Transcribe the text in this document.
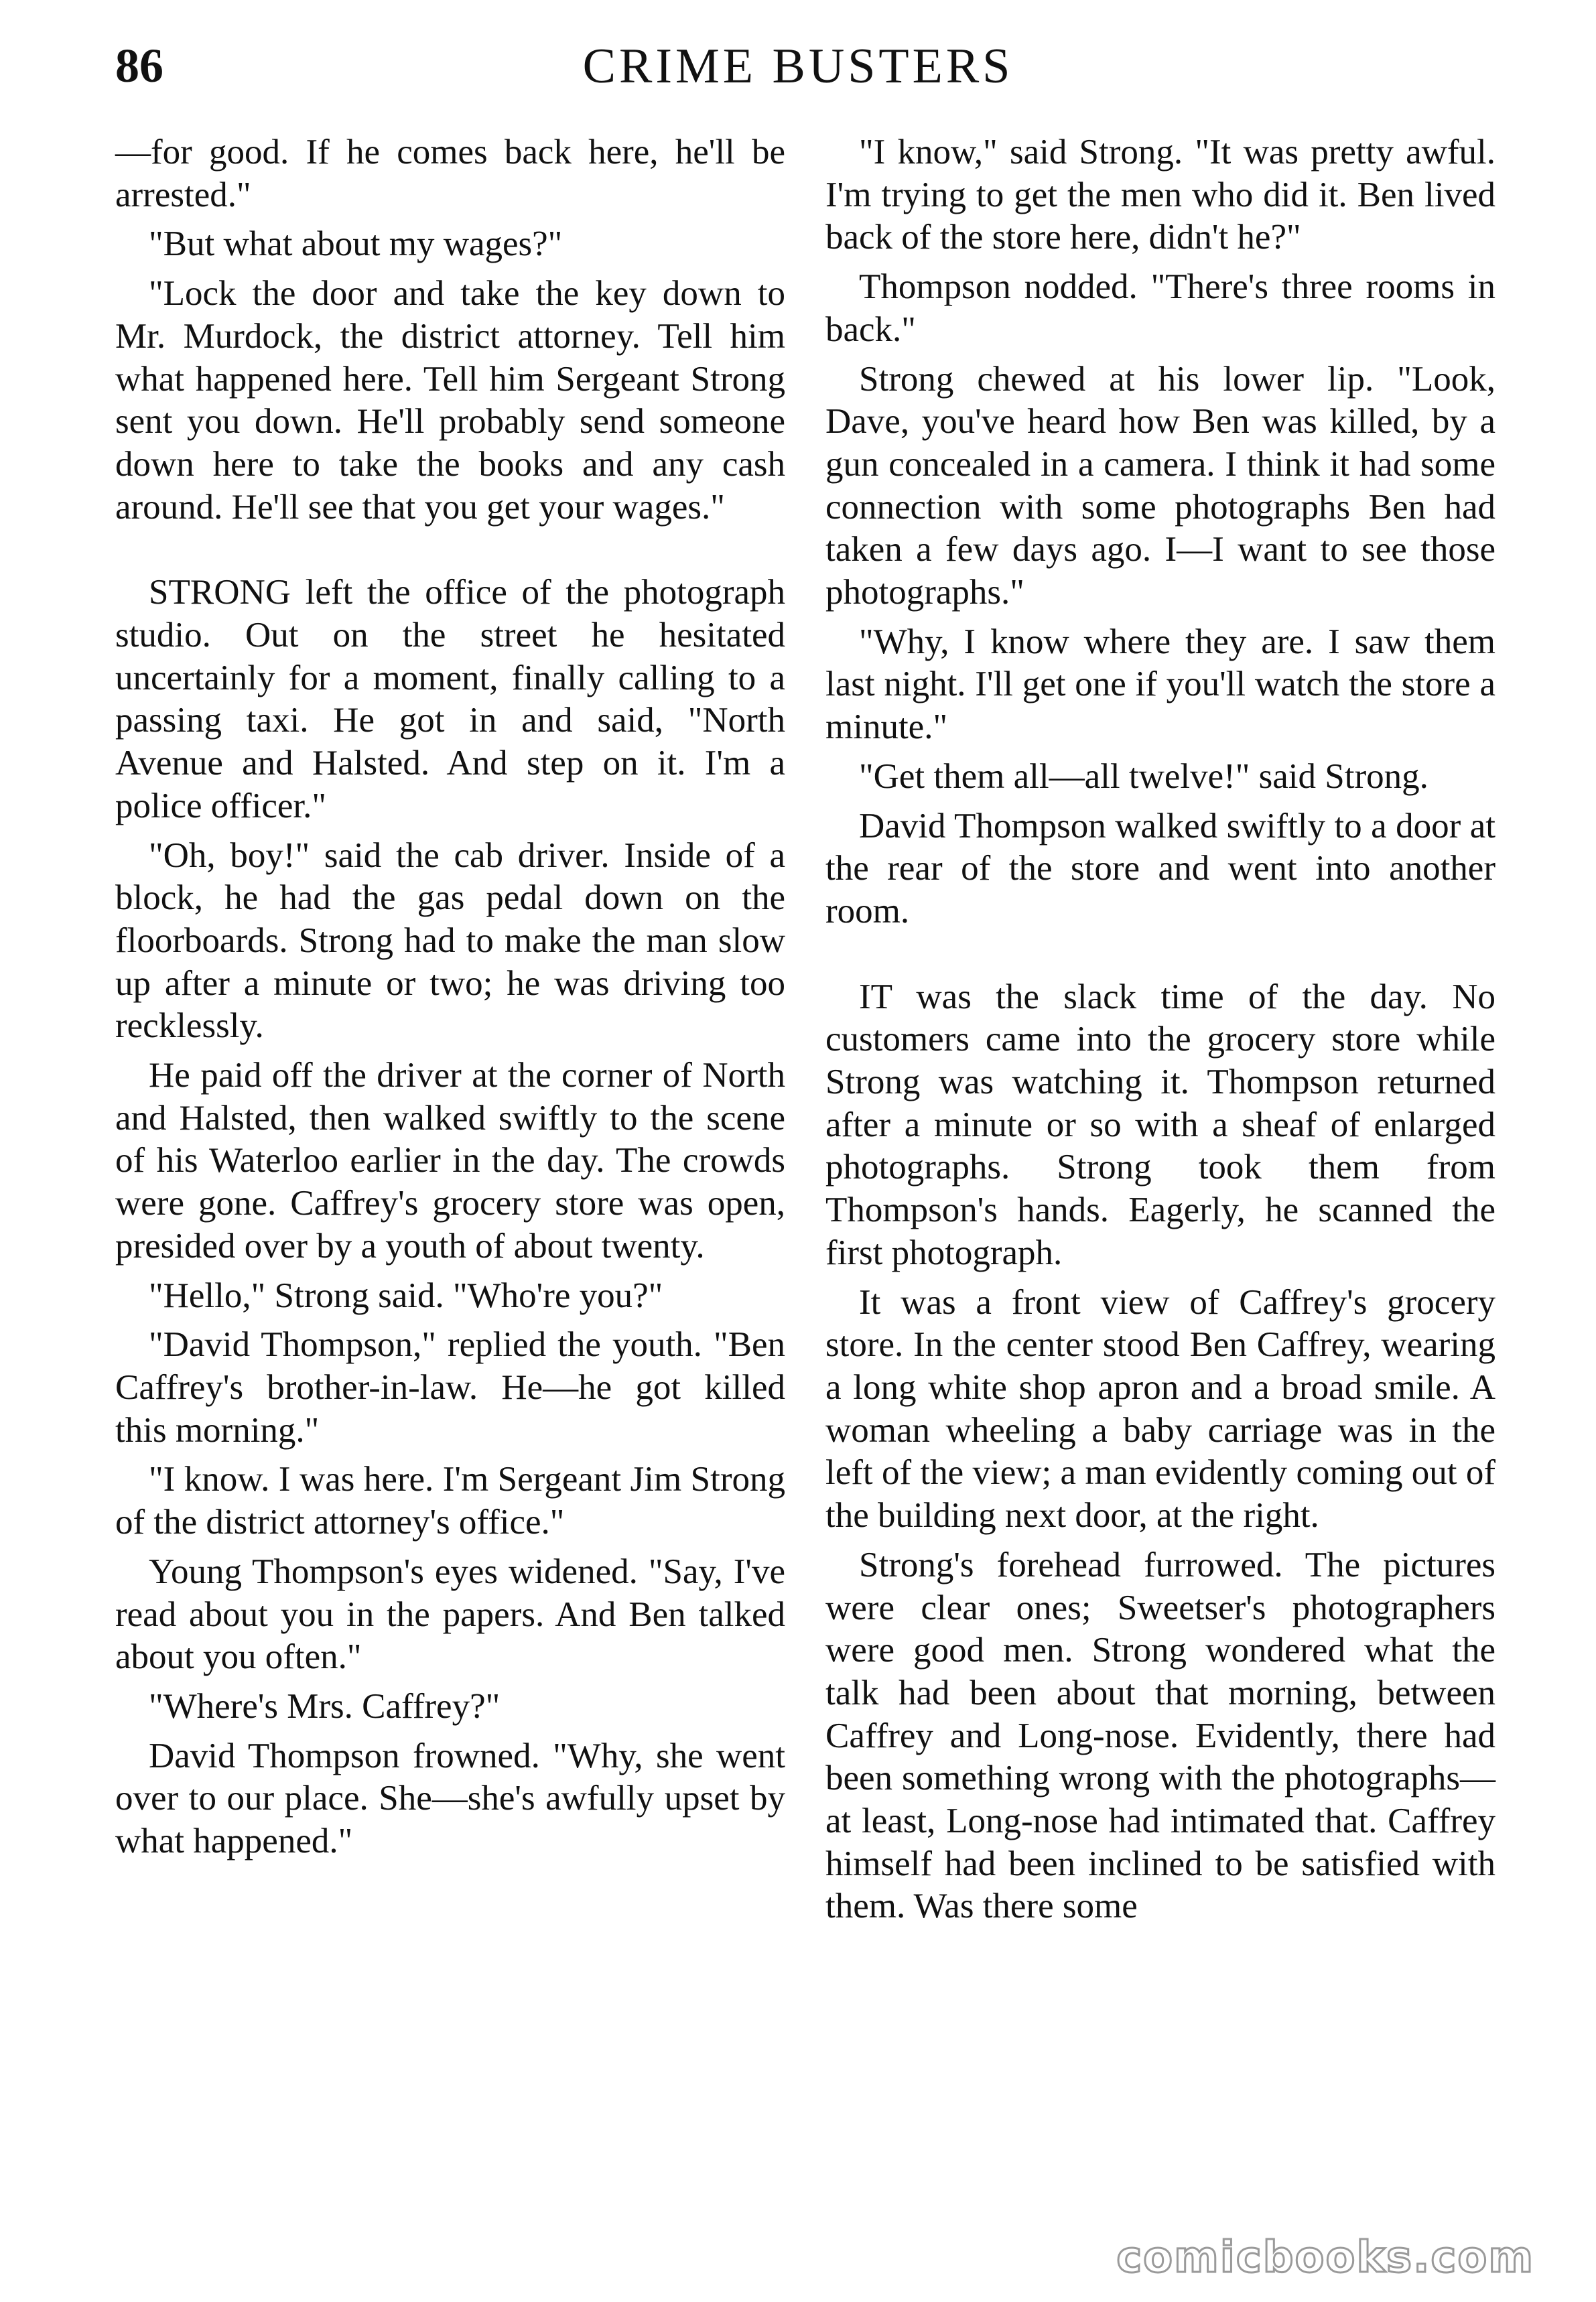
86	CRIME BUSTERS

—for good. If he comes back here, he'll be arrested."

"But what about my wages?"

"Lock the door and take the key down to Mr. Murdock, the district attorney. Tell him what happened here. Tell him Sergeant Strong sent you down. He'll probably send someone down here to take the books and any cash around. He'll see that you get your wages."

STRONG left the office of the photograph studio. Out on the street he hesitated uncertainly for a moment, finally calling to a passing taxi. He got in and said, "North Avenue and Halsted. And step on it. I'm a police officer."

"Oh, boy!" said the cab driver. Inside of a block, he had the gas pedal down on the floorboards. Strong had to make the man slow up after a minute or two; he was driving too recklessly.

He paid off the driver at the corner of North and Halsted, then walked swiftly to the scene of his Waterloo earlier in the day. The crowds were gone. Caffrey's grocery store was open, presided over by a youth of about twenty.

"Hello," Strong said. "Who're you?"

"David Thompson," replied the youth. "Ben Caffrey's brother-in-law. He—he got killed this morning."

"I know. I was here. I'm Sergeant Jim Strong of the district attorney's office."

Young Thompson's eyes widened. "Say, I've read about you in the papers. And Ben talked about you often."

"Where's Mrs. Caffrey?"

David Thompson frowned. "Why, she went over to our place. She—she's awfully upset by what happened."

"I know," said Strong. "It was pretty awful. I'm trying to get the men who did it. Ben lived back of the store here, didn't he?"

Thompson nodded. "There's three rooms in back."

Strong chewed at his lower lip. "Look, Dave, you've heard how Ben was killed, by a gun concealed in a camera. I think it had some connection with some photographs Ben had taken a few days ago. I—I want to see those photographs."

"Why, I know where they are. I saw them last night. I'll get one if you'll watch the store a minute."

"Get them all—all twelve!" said Strong.

David Thompson walked swiftly to a door at the rear of the store and went into another room.

IT was the slack time of the day. No customers came into the grocery store while Strong was watching it. Thompson returned after a minute or so with a sheaf of enlarged photographs. Strong took them from Thompson's hands. Eagerly, he scanned the first photograph.

It was a front view of Caffrey's grocery store. In the center stood Ben Caffrey, wearing a long white shop apron and a broad smile. A woman wheeling a baby carriage was in the left of the view; a man evidently coming out of the building next door, at the right.

Strong's forehead furrowed. The pictures were clear ones; Sweetser's photographers were good men. Strong wondered what the talk had been about that morning, between Caffrey and Long-nose. Evidently, there had been something wrong with the photographs—at least, Long-nose had intimated that. Caffrey himself had been inclined to be satisfied with them. Was there some

comicbooks.com
